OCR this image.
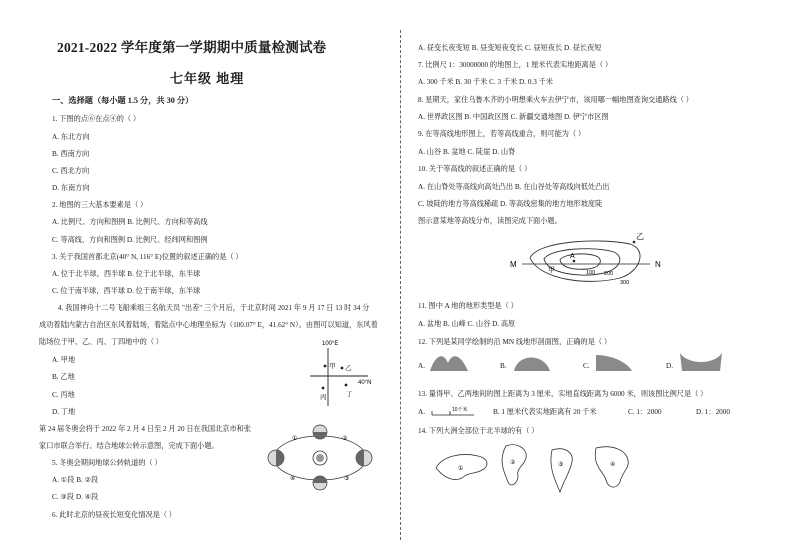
2021-2022 学年度第一学期期中质量检测试卷
七年级 地理
一、选择题（每小题 1.5 分，共 30 分）
1. 下图的点⑥在点④的（ ）
A. 东北方向
B. 西南方向
C. 西北方向
D. 东南方向
2. 地图的三大基本要素是（ ）
A. 比例尺、方向和图例 B. 比例尺、方向和等高线
C. 等高线、方向和图例 D. 比例尺、经纬网和图例
3. 关于我国首都北京(40° N, 116° E)位置的叙述正确的是（ ）
A. 位于北半球，西半球 B. 位于北半球，东半球
C. 位于南半球，西半球 D. 位于南半球，东半球
4. 我国神舟十二号飞船乘组三名航天员 "出差" 三个月后，于北京时间 2021 年 9 月 17 日 13 时 34 分
成功着陆内蒙古自治区东风着陆场，着陆点中心地理坐标为（100.07° E，41.62° N）。由图可以知道，东风着
陆场位于甲、乙、丙、丁四地中的（ ）
A. 甲地
B. 乙地
C. 丙地
D. 丁地
第 24 届冬奥会将于 2022 年 2 月 4 日至 2 月 20 日在我国北京市和张
家口市联合举行。结合地球公转示意图，完成下面小题。
5. 冬奥会期间地球公转轨道的（ ）
A. ①段 B. ②段
C. ③段 D. ④段
6. 此时北京的昼夜长短变化情况是（ ）
100°E
40°N
甲 乙
丙	丁
①	②
③
④
A. 昼变长夜变短 B. 昼变短夜变长 C. 昼短夜长 D. 昼长夜短
7. 比例尺 1：30000000 的地图上，1 厘米代表实地距离是（ ）
A. 300 千米 B. 30 千米 C. 3 千米 D. 0.3 千米
8. 星期天，家住乌鲁木齐的小明想乘火车去伊宁市，该用哪一幅地图查询交通路线（ ）
A. 世界政区图 B. 中国政区图 C. 新疆交通地图 D. 伊宁市区图
9. 在等高线地形图上，若等高线重合，则可能为（ ）
A. 山谷 B. 盆地 C. 陡崖 D. 山脊
10. 关于等高线的叙述正确的是（ ）
A. 在山脊处等高线向高处凸出 B. 在山谷处等高线向低处凸出
C. 坡陡的地方等高线稀疏 D. 等高线密集的地方地形坡度陡
图示意某地等高线分布，读图完成下面小题。
11. 图中 A 地的地形类型是（ ）
A. 盆地 B. 山峰 C. 山谷 D. 高原
12. 下列是某同学绘制的沿 MN 线地形剖面图，正确的是（ ）
A.	B.	C.	D.
13. 量得甲、乙两地间的图上距离为 3 厘米，实地直线距离为 6000 米，则该图比例尺是（ ）
A.	B. 1 厘米代表实地距离有 20 千米	C. 1：2000	D. 1：2000
14. 下列大洲全部位于北半球的有（ ）
M	N
A
甲
乙
100 200
300
10千米
①
②	③	④
